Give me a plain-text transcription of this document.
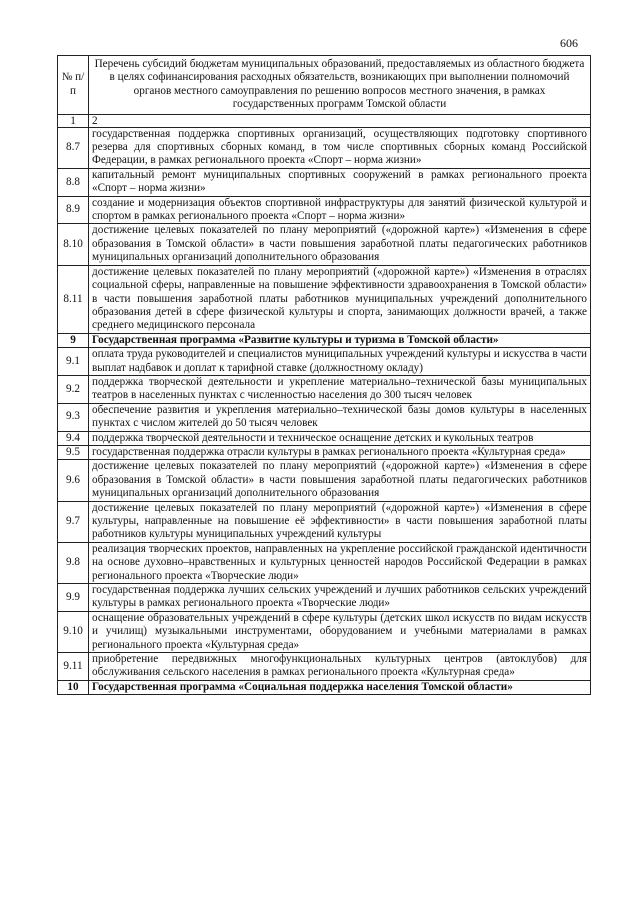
606
№ п/п	Перечень субсидий бюджетам муниципальных образований, предоставляемых из областного бюджета в целях софинансирования расходных обязательств, возникающих при выполнении полномочий органов местного самоуправления по решению вопросов местного значения, в рамках государственных программ Томской области
1	2
8.7	государственная поддержка спортивных организаций, осуществляющих подготовку спортивного резерва для спортивных сборных команд, в том числе спортивных сборных команд Российской Федерации, в рамках регионального проекта «Спорт – норма жизни»
8.8	капитальный ремонт муниципальных спортивных сооружений в рамках регионального проекта «Спорт – норма жизни»
8.9	создание и модернизация объектов спортивной инфраструктуры для занятий физической культурой и спортом в рамках регионального проекта «Спорт – норма жизни»
8.10	достижение целевых показателей по плану мероприятий («дорожной карте») «Изменения в сфере образования в Томской области» в части повышения заработной платы педагогических работников муниципальных организаций дополнительного образования
8.11	достижение целевых показателей по плану мероприятий («дорожной карте») «Изменения в отраслях социальной сферы, направленные на повышение эффективности здравоохранения в Томской области» в части повышения заработной платы работников муниципальных учреждений дополнительного образования детей в сфере физической культуры и спорта, занимающих должности врачей, а также среднего медицинского персонала
9	Государственная программа «Развитие культуры и туризма в Томской области»
9.1	оплата труда руководителей и специалистов муниципальных учреждений культуры и искусства в части выплат надбавок и доплат к тарифной ставке (должностному окладу)
9.2	поддержка творческой деятельности и укрепление материально–технической базы муниципальных театров в населенных пунктах с численностью населения до 300 тысяч человек
9.3	обеспечение развития и укрепления материально–технической базы домов культуры в населенных пунктах с числом жителей до 50 тысяч человек
9.4	поддержка творческой деятельности и техническое оснащение детских и кукольных театров
9.5	государственная поддержка отрасли культуры в рамках регионального проекта «Культурная среда»
9.6	достижение целевых показателей по плану мероприятий («дорожной карте») «Изменения в сфере образования в Томской области» в части повышения заработной платы педагогических работников муниципальных организаций дополнительного образования
9.7	достижение целевых показателей по плану мероприятий («дорожной карте») «Изменения в сфере культуры, направленные на повышение её эффективности» в части повышения заработной платы работников культуры муниципальных учреждений культуры
9.8	реализация творческих проектов, направленных на укрепление российской гражданской идентичности на основе духовно–нравственных и культурных ценностей народов Российской Федерации в рамках регионального проекта «Творческие люди»
9.9	государственная поддержка лучших сельских учреждений и лучших работников сельских учреждений культуры в рамках регионального проекта «Творческие люди»
9.10	оснащение образовательных учреждений в сфере культуры (детских школ искусств по видам искусств и училищ) музыкальными инструментами, оборудованием и учебными материалами в рамках регионального проекта «Культурная среда»
9.11	приобретение передвижных многофункциональных культурных центров (автоклубов) для обслуживания сельского населения в рамках регионального проекта «Культурная среда»
10	Государственная программа «Социальная поддержка населения Томской области»
